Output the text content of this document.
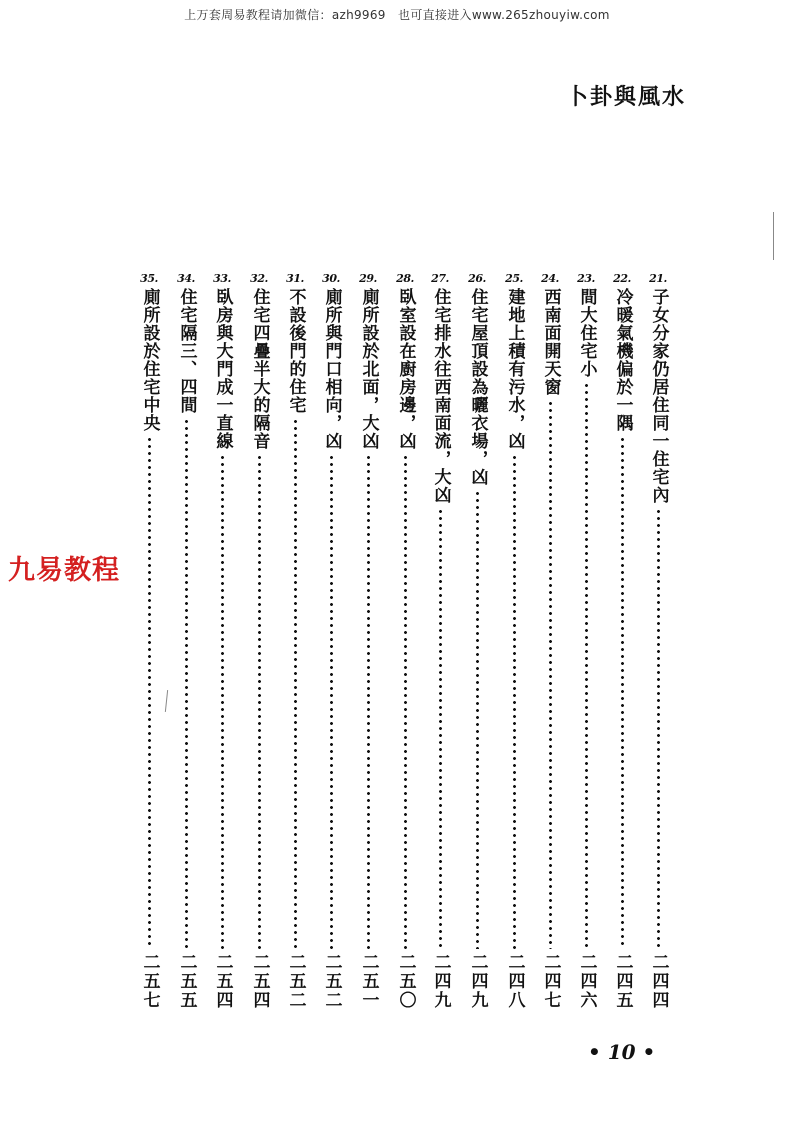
上万套周易教程请加微信：azh9969　也可直接进入www.265zhouyiw.com
卜卦與風水
九易教程
21.
子女分家仍居住同一住宅內
二四四
22.
冷暖氣機偏於一隅
二四五
23.
間大住宅小
二四六
24.
西南面開天窗
二四七
25.
建地上積有污水，凶
二四八
26.
住宅屋頂設為曬衣場，凶
二四九
27.
住宅排水往西南面流，大凶
二四九
28.
臥室設在廚房邊，凶
二五〇
29.
廁所設於北面，大凶
二五一
30.
廁所與門口相向，凶
二五二
31.
不設後門的住宅
二五二
32.
住宅四疊半大的隔音
二五四
33.
臥房與大門成一直線
二五四
34.
住宅隔三、四間
二五五
35.
廁所設於住宅中央
二五七
• 10 •
